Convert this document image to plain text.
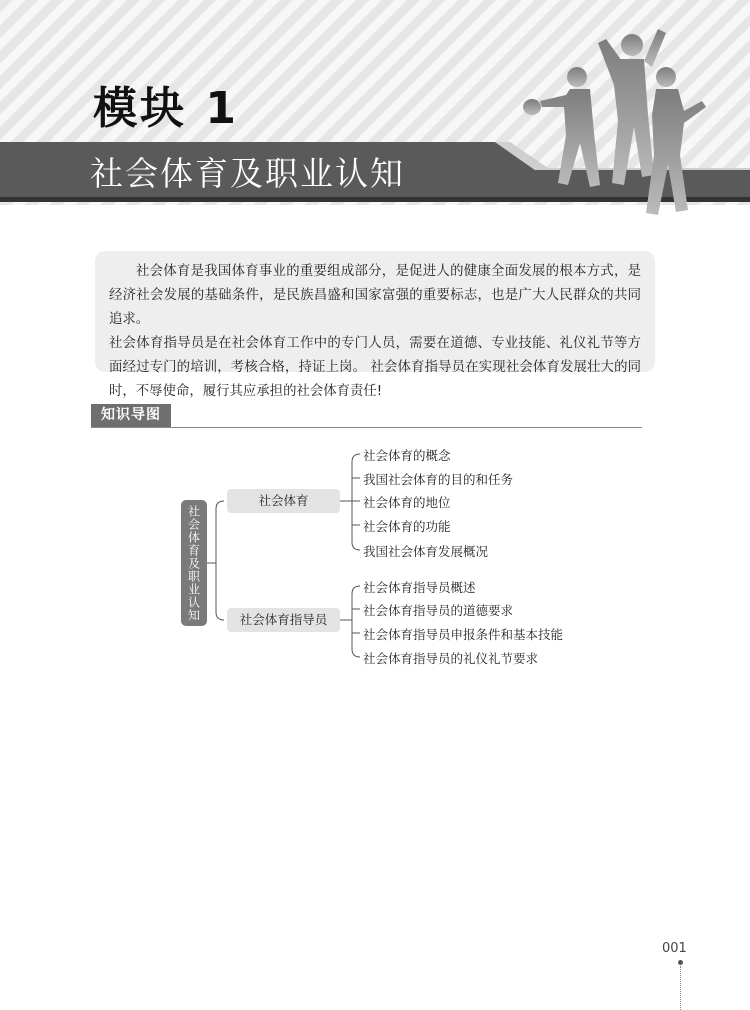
模块 1
社会体育及职业认知

社会体育是我国体育事业的重要组成部分，是促进人的健康全面发展的根本方式，是经济社会发展的基础条件，是民族昌盛和国家富强的重要标志，也是广大人民群众的共同追求。

社会体育指导员是在社会体育工作中的专门人员，需要在道德、专业技能、礼仪礼节等方面经过专门的培训，考核合格，持证上岗。 社会体育指导员在实现社会体育发展壮大的同时，不辱使命，履行其应承担的社会体育责任!

知识导图
社会体育及职业认知
社会体育
社会体育指导员
社会体育的概念
我国社会体育的目的和任务
社会体育的地位
社会体育的功能
我国社会体育发展概况
社会体育指导员概述
社会体育指导员的道德要求
社会体育指导员申报条件和基本技能
社会体育指导员的礼仪礼节要求
001
